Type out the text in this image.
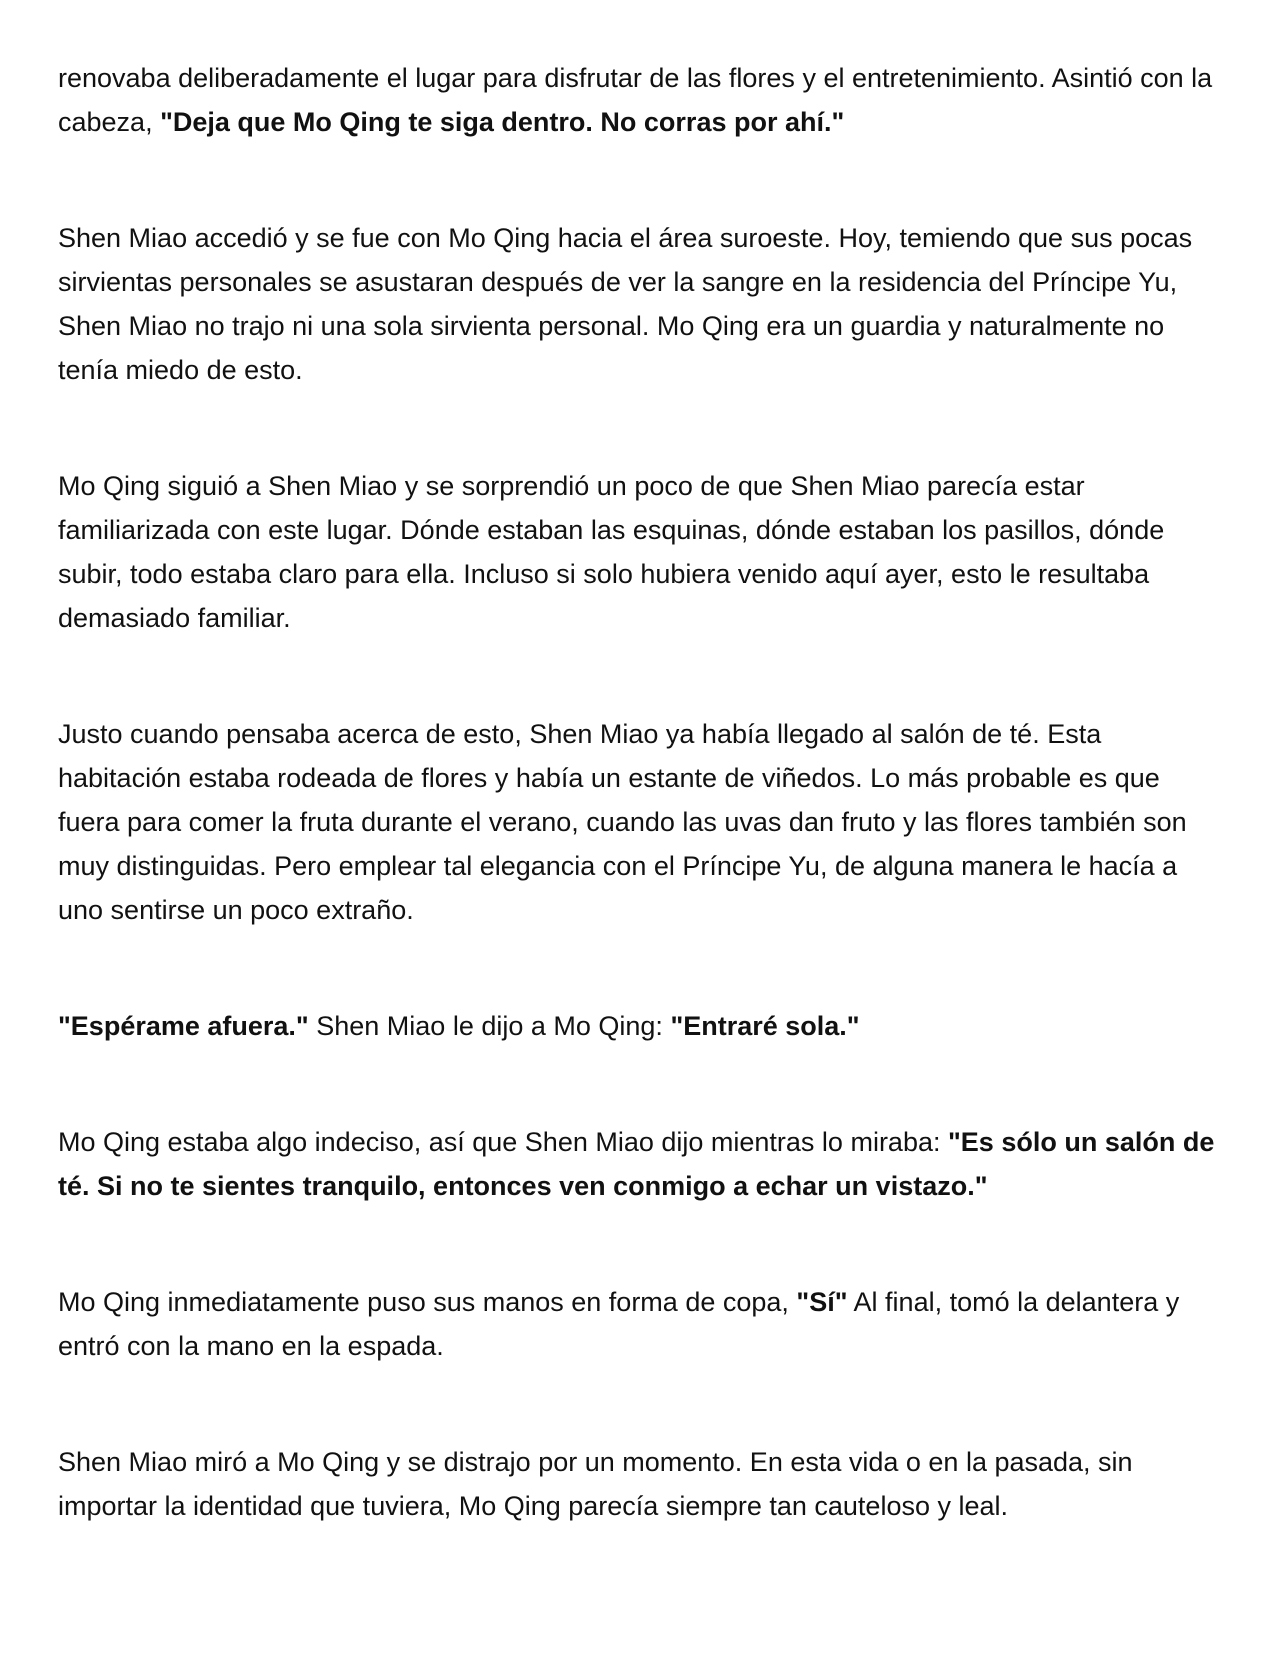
renovaba deliberadamente el lugar para disfrutar de las flores y el entretenimiento. Asintió con la cabeza, "Deja que Mo Qing te siga dentro. No corras por ahí."

Shen Miao accedió y se fue con Mo Qing hacia el área suroeste. Hoy, temiendo que sus pocas sirvientas personales se asustaran después de ver la sangre en la residencia del Príncipe Yu, Shen Miao no trajo ni una sola sirvienta personal. Mo Qing era un guardia y naturalmente no tenía miedo de esto.

Mo Qing siguió a Shen Miao y se sorprendió un poco de que Shen Miao parecía estar familiarizada con este lugar. Dónde estaban las esquinas, dónde estaban los pasillos, dónde subir, todo estaba claro para ella. Incluso si solo hubiera venido aquí ayer, esto le resultaba demasiado familiar.

Justo cuando pensaba acerca de esto, Shen Miao ya había llegado al salón de té. Esta habitación estaba rodeada de flores y había un estante de viñedos. Lo más probable es que fuera para comer la fruta durante el verano, cuando las uvas dan fruto y las flores también son muy distinguidas. Pero emplear tal elegancia con el Príncipe Yu, de alguna manera le hacía a uno sentirse un poco extraño.

"Espérame afuera." Shen Miao le dijo a Mo Qing: "Entraré sola."

Mo Qing estaba algo indeciso, así que Shen Miao dijo mientras lo miraba: "Es sólo un salón de té. Si no te sientes tranquilo, entonces ven conmigo a echar un vistazo."

Mo Qing inmediatamente puso sus manos en forma de copa, "Sí" Al final, tomó la delantera y entró con la mano en la espada.

Shen Miao miró a Mo Qing y se distrajo por un momento. En esta vida o en la pasada, sin importar la identidad que tuviera, Mo Qing parecía siempre tan cauteloso y leal.
